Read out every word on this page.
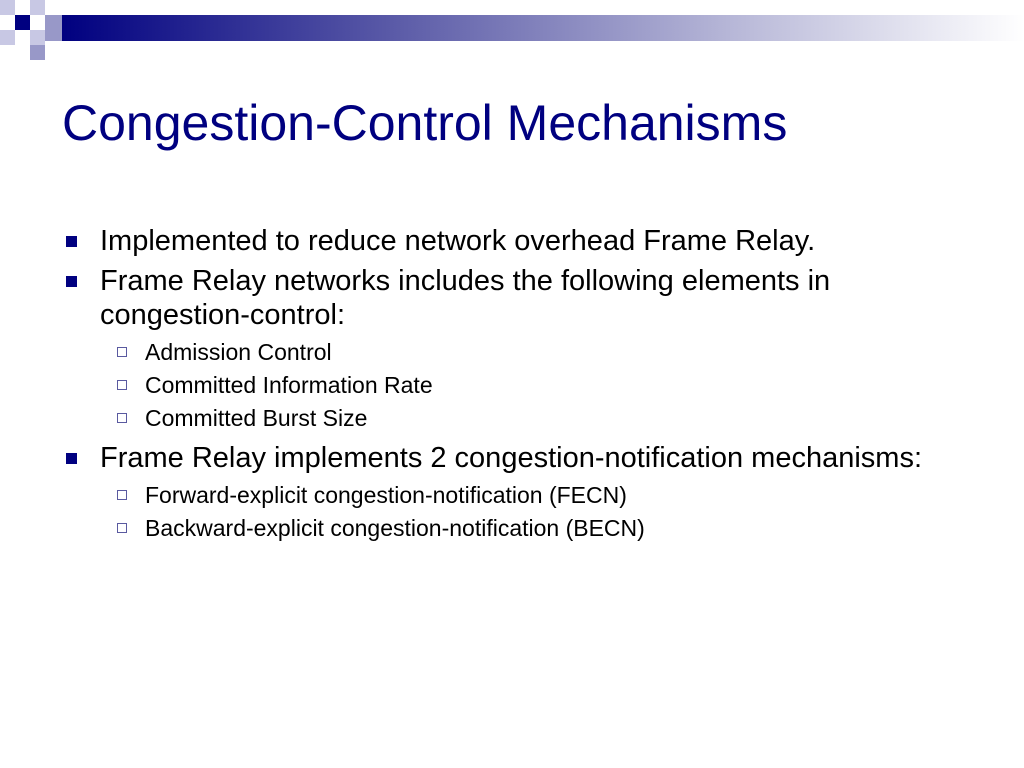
Congestion-Control Mechanisms
Implemented to reduce network overhead Frame Relay.
Frame Relay networks includes the following elements in congestion-control:
Admission Control
Committed Information Rate
Committed Burst Size
Frame Relay implements 2 congestion-notification mechanisms:
Forward-explicit congestion-notification (FECN)
Backward-explicit congestion-notification (BECN)
